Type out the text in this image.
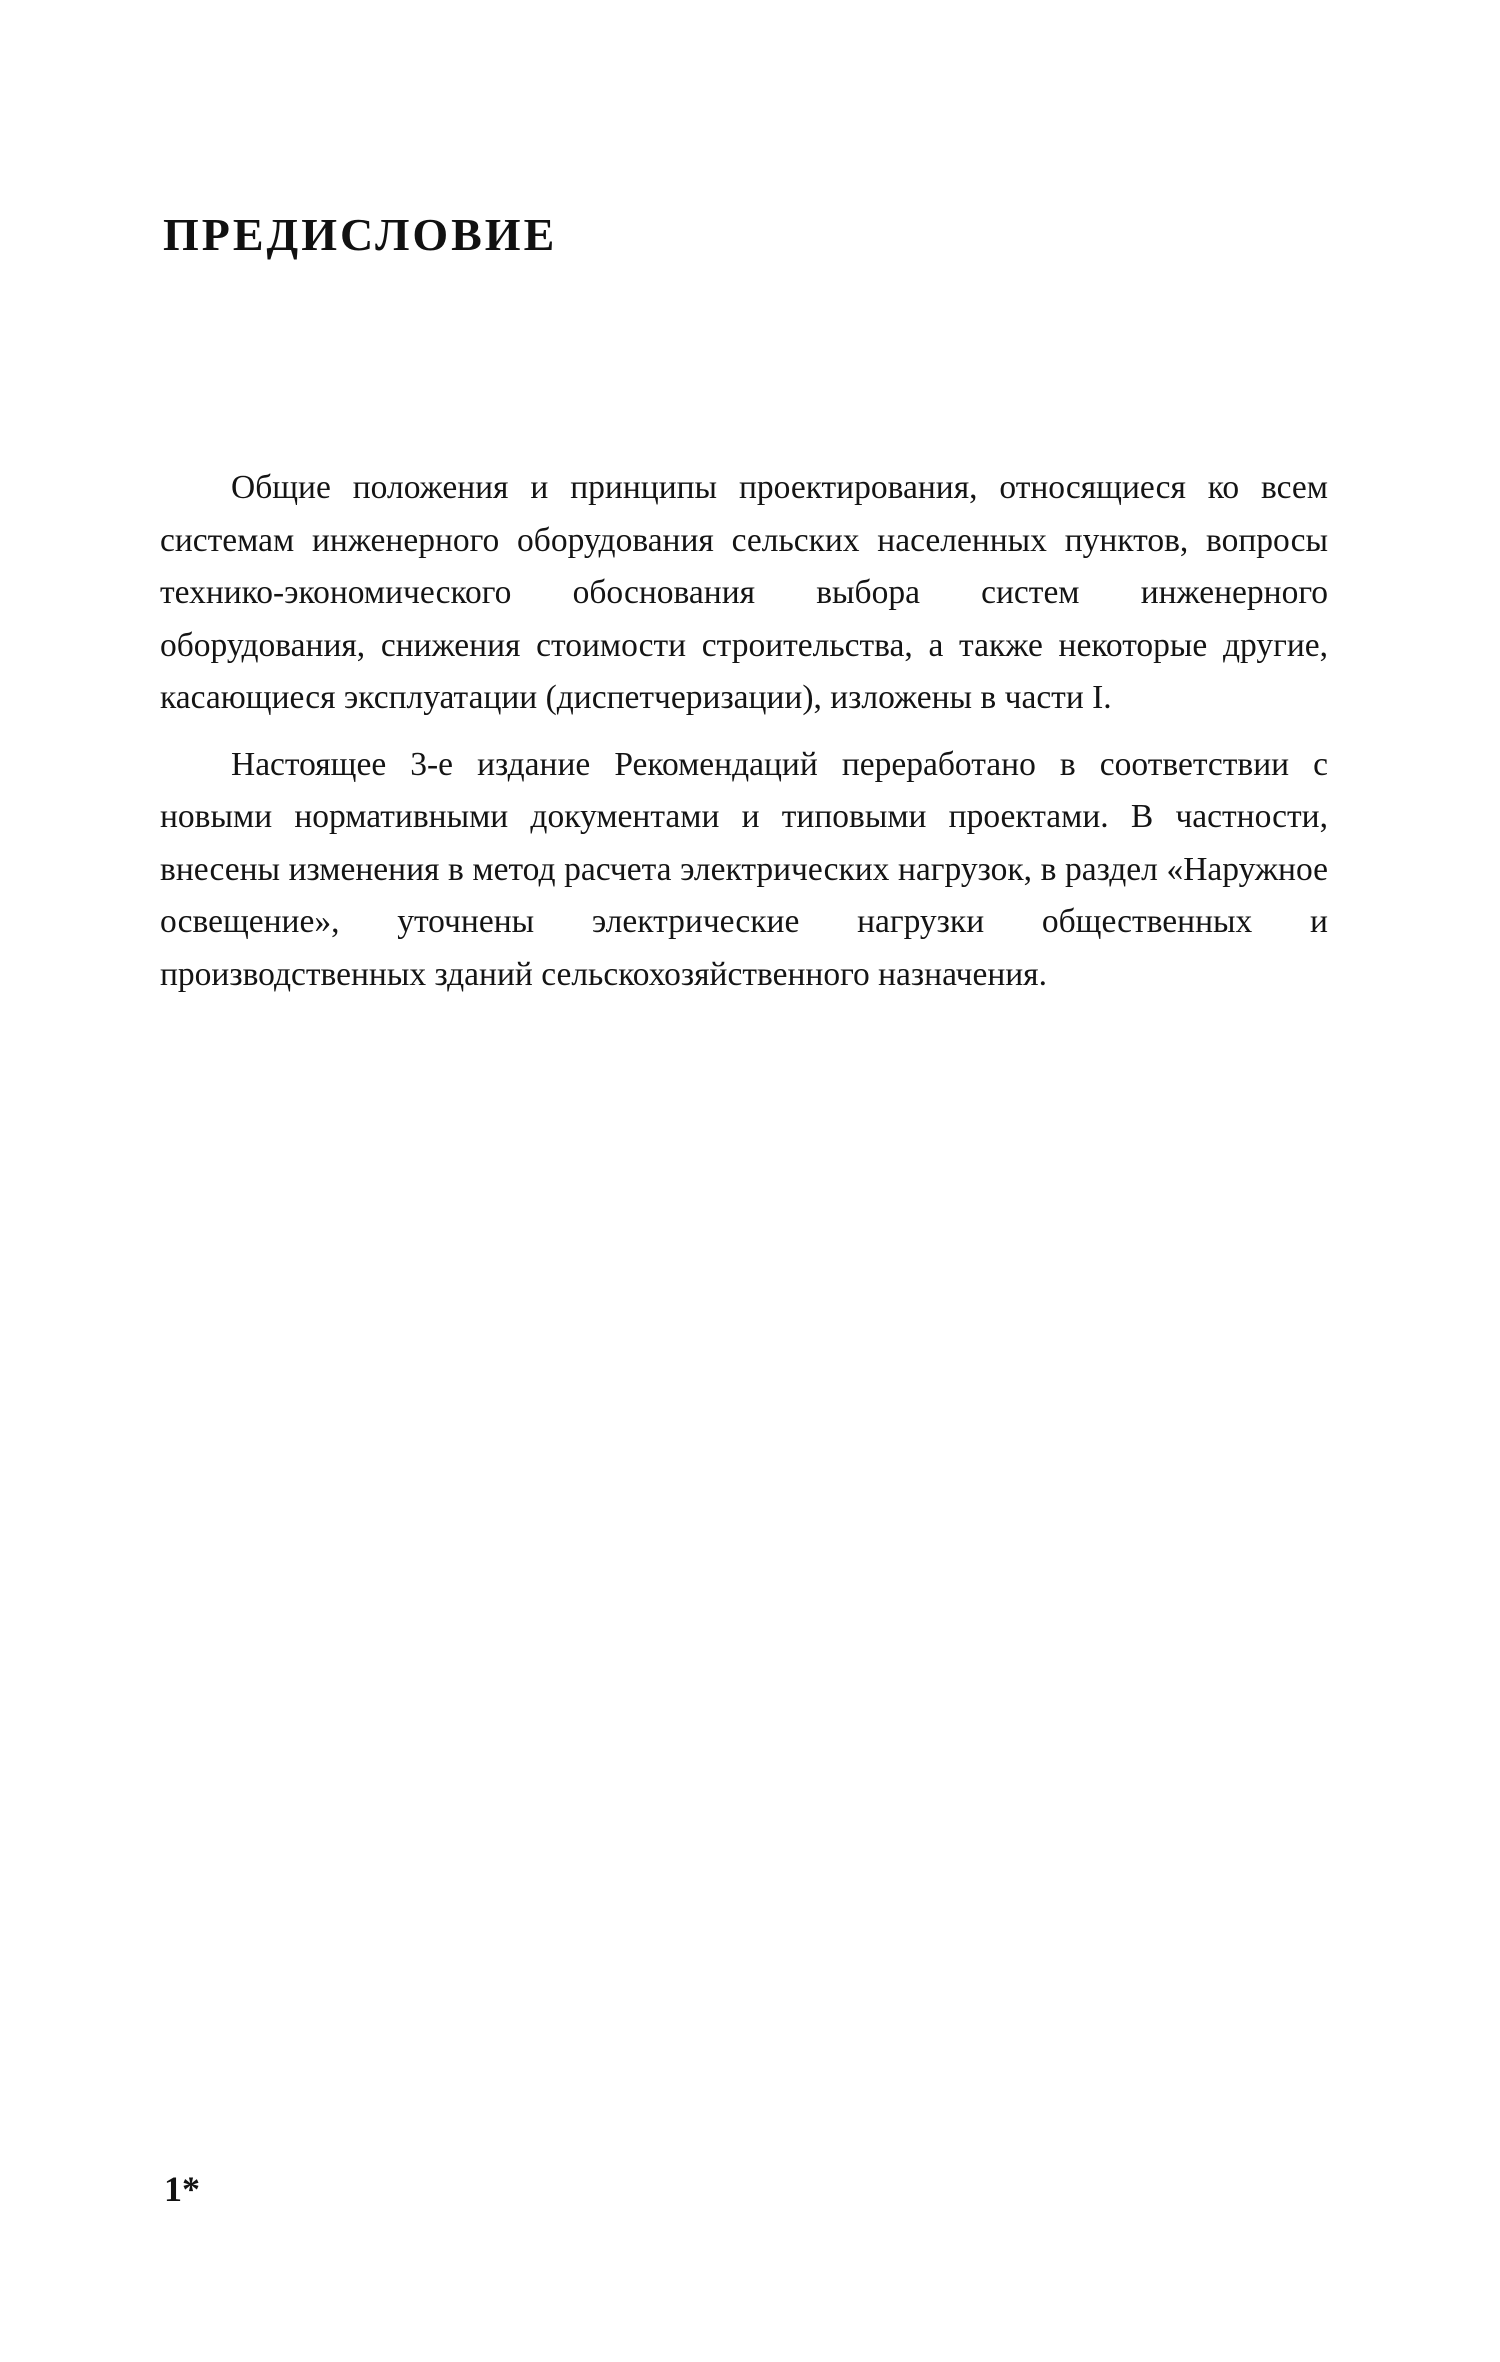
ПРЕДИСЛОВИЕ

Общие положения и принципы проектирования, относящиеся ко всем системам инженерного оборудования сельских населенных пунктов, вопросы технико-экономического обоснования выбора систем инженерного оборудования, снижения стоимости строительства, а также некоторые другие, касающиеся эксплуатации (диспетчеризации), изложены в части I.

Настоящее 3-е издание Рекомендаций переработано в соответствии с новыми нормативными документами и типовыми проектами. В частности, внесены изменения в метод расчета электрических нагрузок, в раздел «Наружное освещение», уточнены электрические нагрузки общественных и производственных зданий сельскохозяйственного назначения.

1*
